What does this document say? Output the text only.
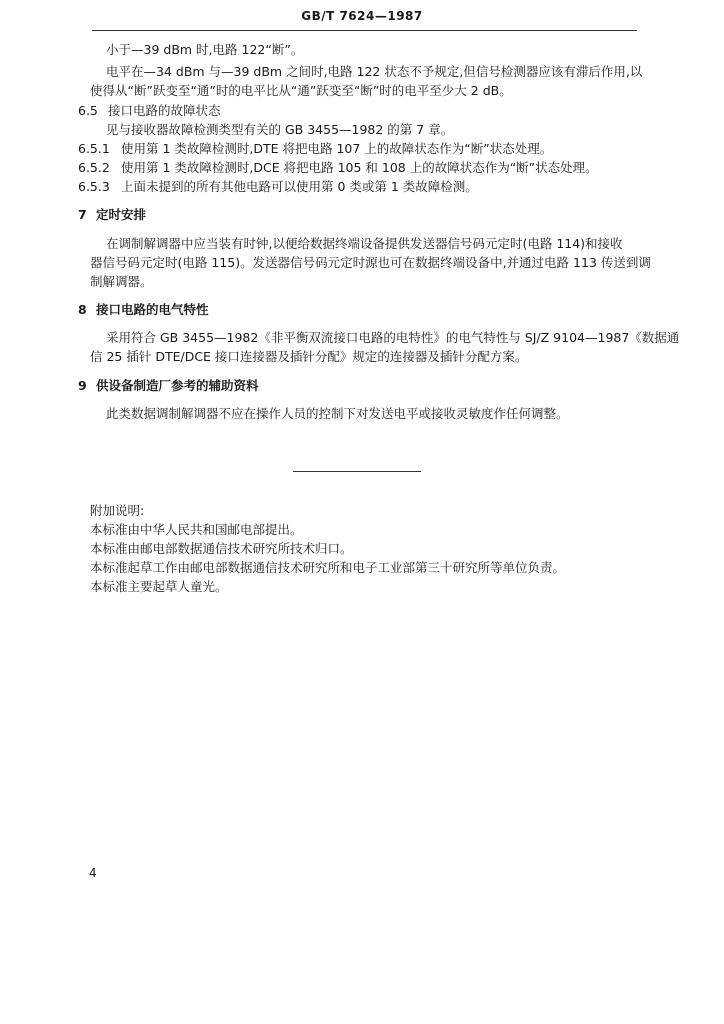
GB/T 7624—1987
小于—39 dBm 时,电路 122“断”。
电平在—34 dBm 与—39 dBm 之间时,电路 122 状态不予规定,但信号检测器应该有滞后作用,以
使得从“断”跃变至“通”时的电平比从“通”跃变至“断”时的电平至少大 2 dB。
6.5 接口电路的故障状态
见与接收器故障检测类型有关的 GB 3455—1982 的第 7 章。
6.5.1 使用第 1 类故障检测时,DTE 将把电路 107 上的故障状态作为“断”状态处理。
6.5.2 使用第 1 类故障检测时,DCE 将把电路 105 和 108 上的故障状态作为“断”状态处理。
6.5.3 上面未提到的所有其他电路可以使用第 0 类或第 1 类故障检测。
7 定时安排
在调制解调器中应当装有时钟,以便给数据终端设备提供发送器信号码元定时(电路 114)和接收
器信号码元定时(电路 115)。发送器信号码元定时源也可在数据终端设备中,并通过电路 113 传送到调
制解调器。
8 接口电路的电气特性
采用符合 GB 3455—1982《非平衡双流接口电路的电特性》的电气特性与 SJ/Z 9104—1987《数据通
信 25 插针 DTE/DCE 接口连接器及插针分配》规定的连接器及插针分配方案。
9 供设备制造厂参考的辅助资料
此类数据调制解调器不应在操作人员的控制下对发送电平或接收灵敏度作任何调整。
附加说明:
本标准由中华人民共和国邮电部提出。
本标准由邮电部数据通信技术研究所技术归口。
本标准起草工作由邮电部数据通信技术研究所和电子工业部第三十研究所等单位负责。
本标准主要起草人童光。
4
